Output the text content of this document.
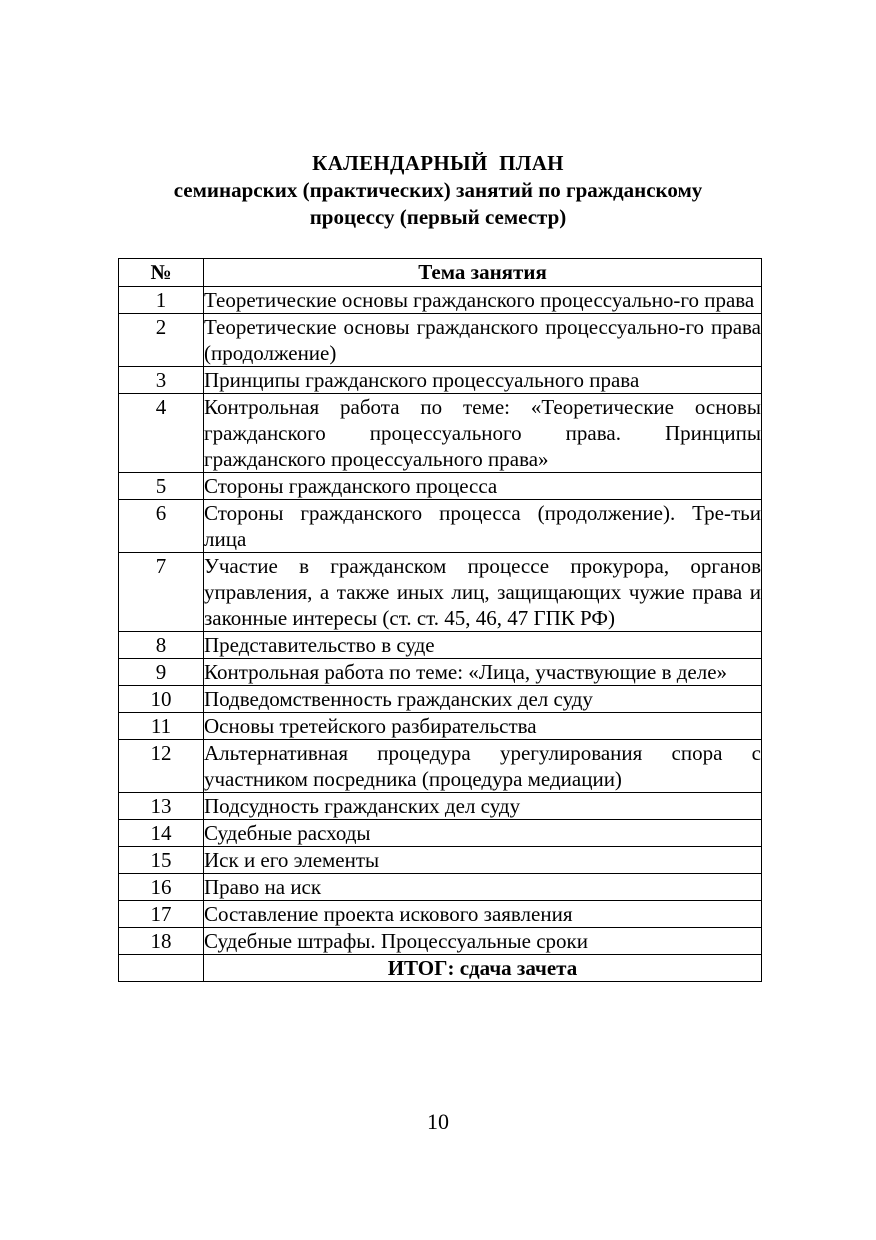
КАЛЕНДАРНЫЙ ПЛАН
семинарских (практических) занятий по гражданскому
процессу (первый семестр)
№	Тема занятия
1	Теоретические основы гражданского процессуально-го права
2	Теоретические основы гражданского процессуально-го права (продолжение)
3	Принципы гражданского процессуального права
4	Контрольная работа по теме: «Теоретические основы гражданского процессуального права. Принципы гражданского процессуального права»
5	Стороны гражданского процесса
6	Стороны гражданского процесса (продолжение). Тре-тьи лица
7	Участие в гражданском процессе прокурора, органов управления, а также иных лиц, защищающих чужие права и законные интересы (ст. ст. 45, 46, 47 ГПК РФ)
8	Представительство в суде
9	Контрольная работа по теме: «Лица, участвующие в деле»
10	Подведомственность гражданских дел суду
11	Основы третейского разбирательства
12	Альтернативная процедура урегулирования спора с участником посредника (процедура медиации)
13	Подсудность гражданских дел суду
14	Судебные расходы
15	Иск и его элементы
16	Право на иск
17	Составление проекта искового заявления
18	Судебные штрафы. Процессуальные сроки
	ИТОГ: сдача зачета
10
